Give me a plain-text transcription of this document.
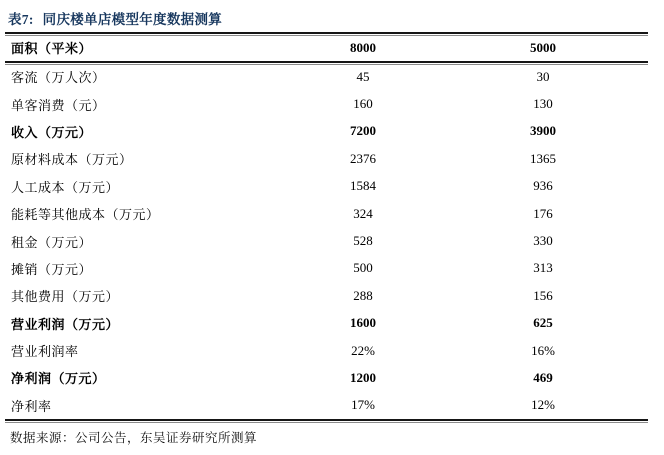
表7: 同庆楼单店模型年度数据测算
面积（平米）	8000	5000
客流（万人次）	45	30
单客消费（元）	160	130
收入（万元）	7200	3900
原材料成本（万元）	2376	1365
人工成本（万元）	1584	936
能耗等其他成本（万元）	324	176
租金（万元）	528	330
摊销（万元）	500	313
其他费用（万元）	288	156
营业利润（万元）	1600	625
营业利润率	22%	16%
净利润（万元）	1200	469
净利率	17%	12%
数据来源：公司公告，东吴证券研究所测算
